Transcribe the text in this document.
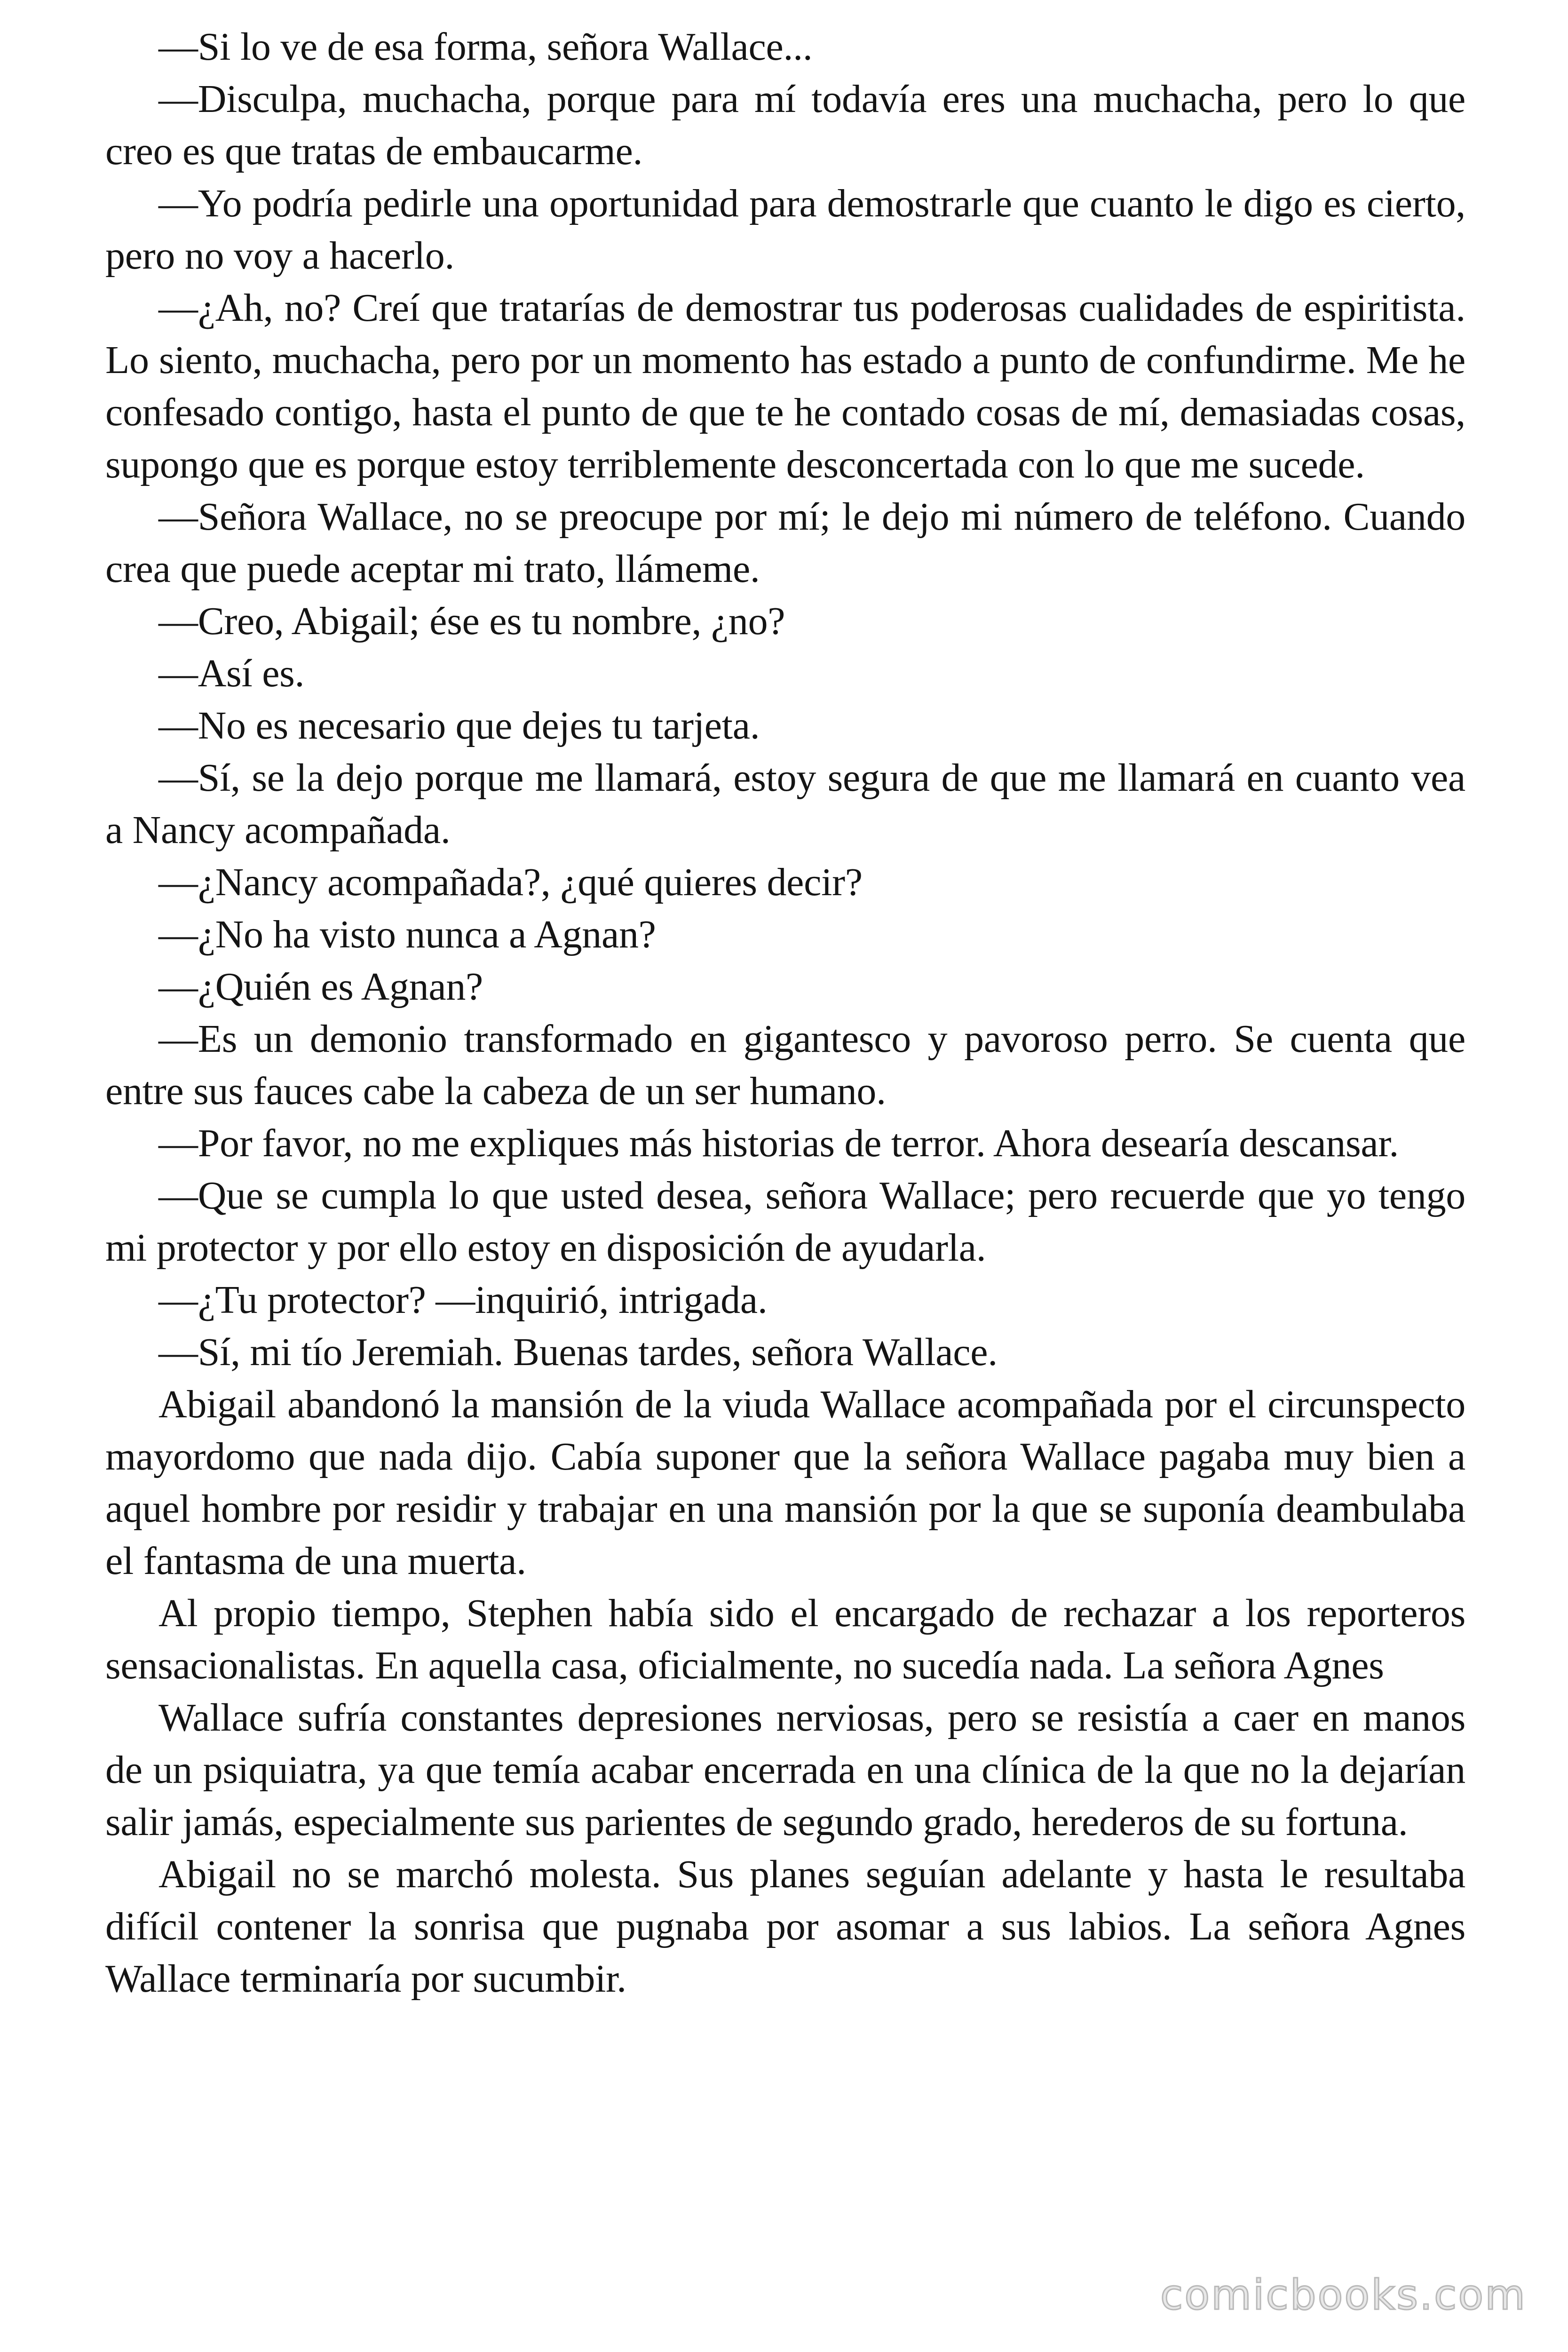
—Si lo ve de esa forma, señora Wallace...

—Disculpa, muchacha, porque para mí todavía eres una muchacha, pero lo que creo es que tratas de embaucarme.

—Yo podría pedirle una oportunidad para demostrarle que cuanto le digo es cierto, pero no voy a hacerlo.

—¿Ah, no? Creí que tratarías de demostrar tus poderosas cualidades de espiritista. Lo siento, muchacha, pero por un momento has estado a punto de confundirme. Me he confesado contigo, hasta el punto de que te he contado cosas de mí, demasiadas cosas, supongo que es porque estoy terriblemente desconcertada con lo que me sucede.

—Señora Wallace, no se preocupe por mí; le dejo mi número de teléfono. Cuando crea que puede aceptar mi trato, llámeme.

—Creo, Abigail; ése es tu nombre, ¿no?

—Así es.

—No es necesario que dejes tu tarjeta.

—Sí, se la dejo porque me llamará, estoy segura de que me llamará en cuanto vea a Nancy acompañada.

—¿Nancy acompañada?, ¿qué quieres decir?

—¿No ha visto nunca a Agnan?

—¿Quién es Agnan?

—Es un demonio transformado en gigantesco y pavoroso perro. Se cuenta que entre sus fauces cabe la cabeza de un ser humano.

—Por favor, no me expliques más historias de terror. Ahora desearía descansar.

—Que se cumpla lo que usted desea, señora Wallace; pero recuerde que yo tengo mi protector y por ello estoy en disposición de ayudarla.

—¿Tu protector? —inquirió, intrigada.

—Sí, mi tío Jeremiah. Buenas tardes, señora Wallace.

Abigail abandonó la mansión de la viuda Wallace acompañada por el circunspecto mayordomo que nada dijo. Cabía suponer que la señora Wallace pagaba muy bien a aquel hombre por residir y trabajar en una mansión por la que se suponía deambulaba el fantasma de una muerta.

Al propio tiempo, Stephen había sido el encargado de rechazar a los reporteros sensacionalistas. En aquella casa, oficialmente, no sucedía nada. La señora Agnes

Wallace sufría constantes depresiones nerviosas, pero se resistía a caer en manos de un psiquiatra, ya que temía acabar encerrada en una clínica de la que no la dejarían salir jamás, especialmente sus parientes de segundo grado, herederos de su fortuna.

Abigail no se marchó molesta. Sus planes seguían adelante y hasta le resultaba difícil contener la sonrisa que pugnaba por asomar a sus labios. La señora Agnes Wallace terminaría por sucumbir.

comicbooks.com
